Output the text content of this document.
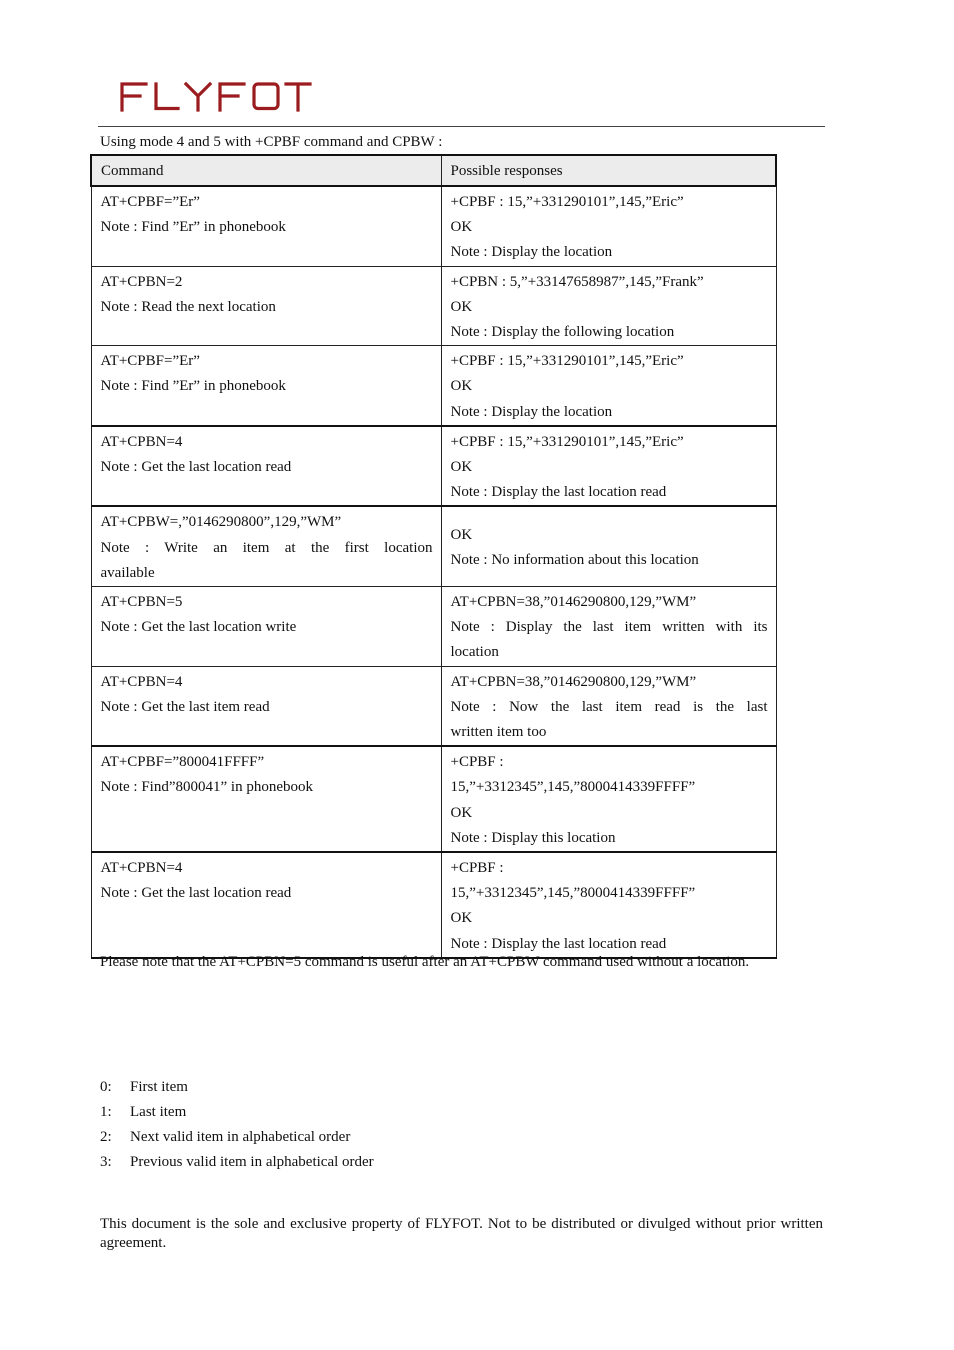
Using mode 4 and 5 with +CPBF command and CPBW :
Command	Possible responses

AT+CPBF=”Er”
Note : Find ”Er” in phonebook	+CPBF : 15,”+331290101”,145,”Eric”
OK
Note : Display the location

AT+CPBN=2
Note : Read the next location	+CPBN : 5,”+33147658987”,145,”Frank”
OK
Note : Display the following location

AT+CPBF=”Er”
Note : Find ”Er” in phonebook	+CPBF : 15,”+331290101”,145,”Eric”
OK
Note : Display the location

AT+CPBN=4
Note : Get the last location read	+CPBF : 15,”+331290101”,145,”Eric”
OK
Note : Display the last location read

AT+CPBW=,”0146290800”,129,”WM”
Note : Write an item at the first location
available	OK
Note : No information about this location

AT+CPBN=5
Note : Get the last location write	AT+CPBN=38,”0146290800,129,”WM”
Note : Display the last item written with its
location

AT+CPBN=4
Note : Get the last item read	AT+CPBN=38,”0146290800,129,”WM”
Note : Now the last item read is the last
written item too

AT+CPBF=”800041FFFF”
Note : Find”800041” in phonebook	+CPBF :
15,”+3312345”,145,”8000414339FFFF”
OK
Note : Display this location

AT+CPBN=4
Note : Get the last location read	+CPBF :
15,”+3312345”,145,”8000414339FFFF”
OK
Note : Display the last location read
Please note that the AT+CPBN=5 command is useful after an AT+CPBW command used without a location.
0:	First item
1:	Last item
2:	Next valid item in alphabetical order
3:	Previous valid item in alphabetical order
This document is the sole and exclusive property of FLYFOT. Not to be distributed or divulged without prior written agreement.
